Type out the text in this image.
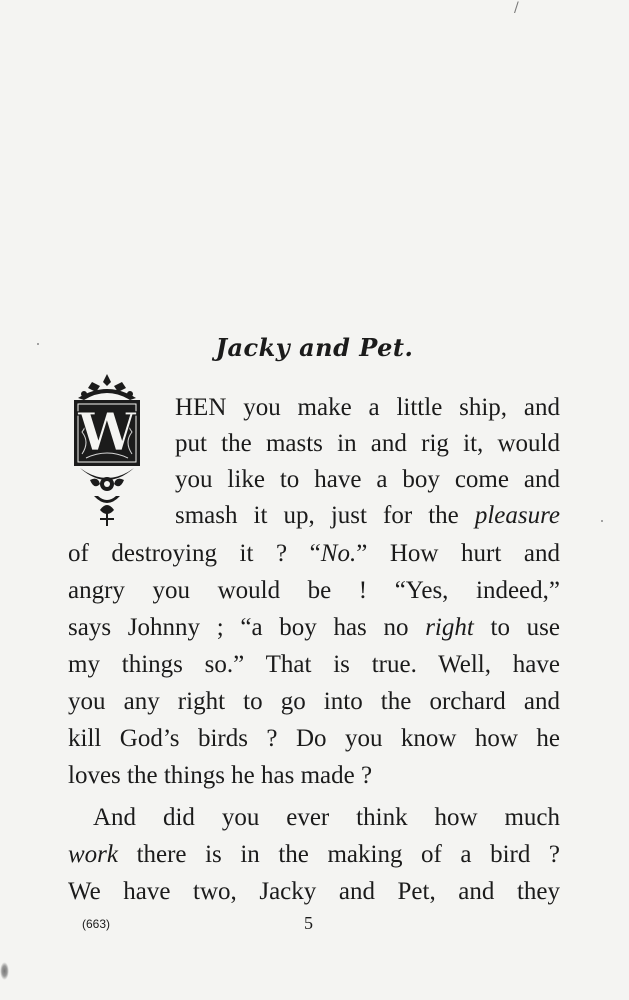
/
Jacky and Pet.
W HEN you make a little ship, and
put the masts in and rig it, would
you like to have a boy come and
smash it up, just for the pleasure
of destroying it ? “No.” How hurt and
angry you would be ! “Yes, indeed,”
says Johnny ; “a boy has no right to use
my things so.” That is true. Well, have
you any right to go into the orchard and
kill God’s birds ? Do you know how he
loves the things he has made ?
And did you ever think how much
work there is in the making of a bird ?
We have two, Jacky and Pet, and they
(663)	5
